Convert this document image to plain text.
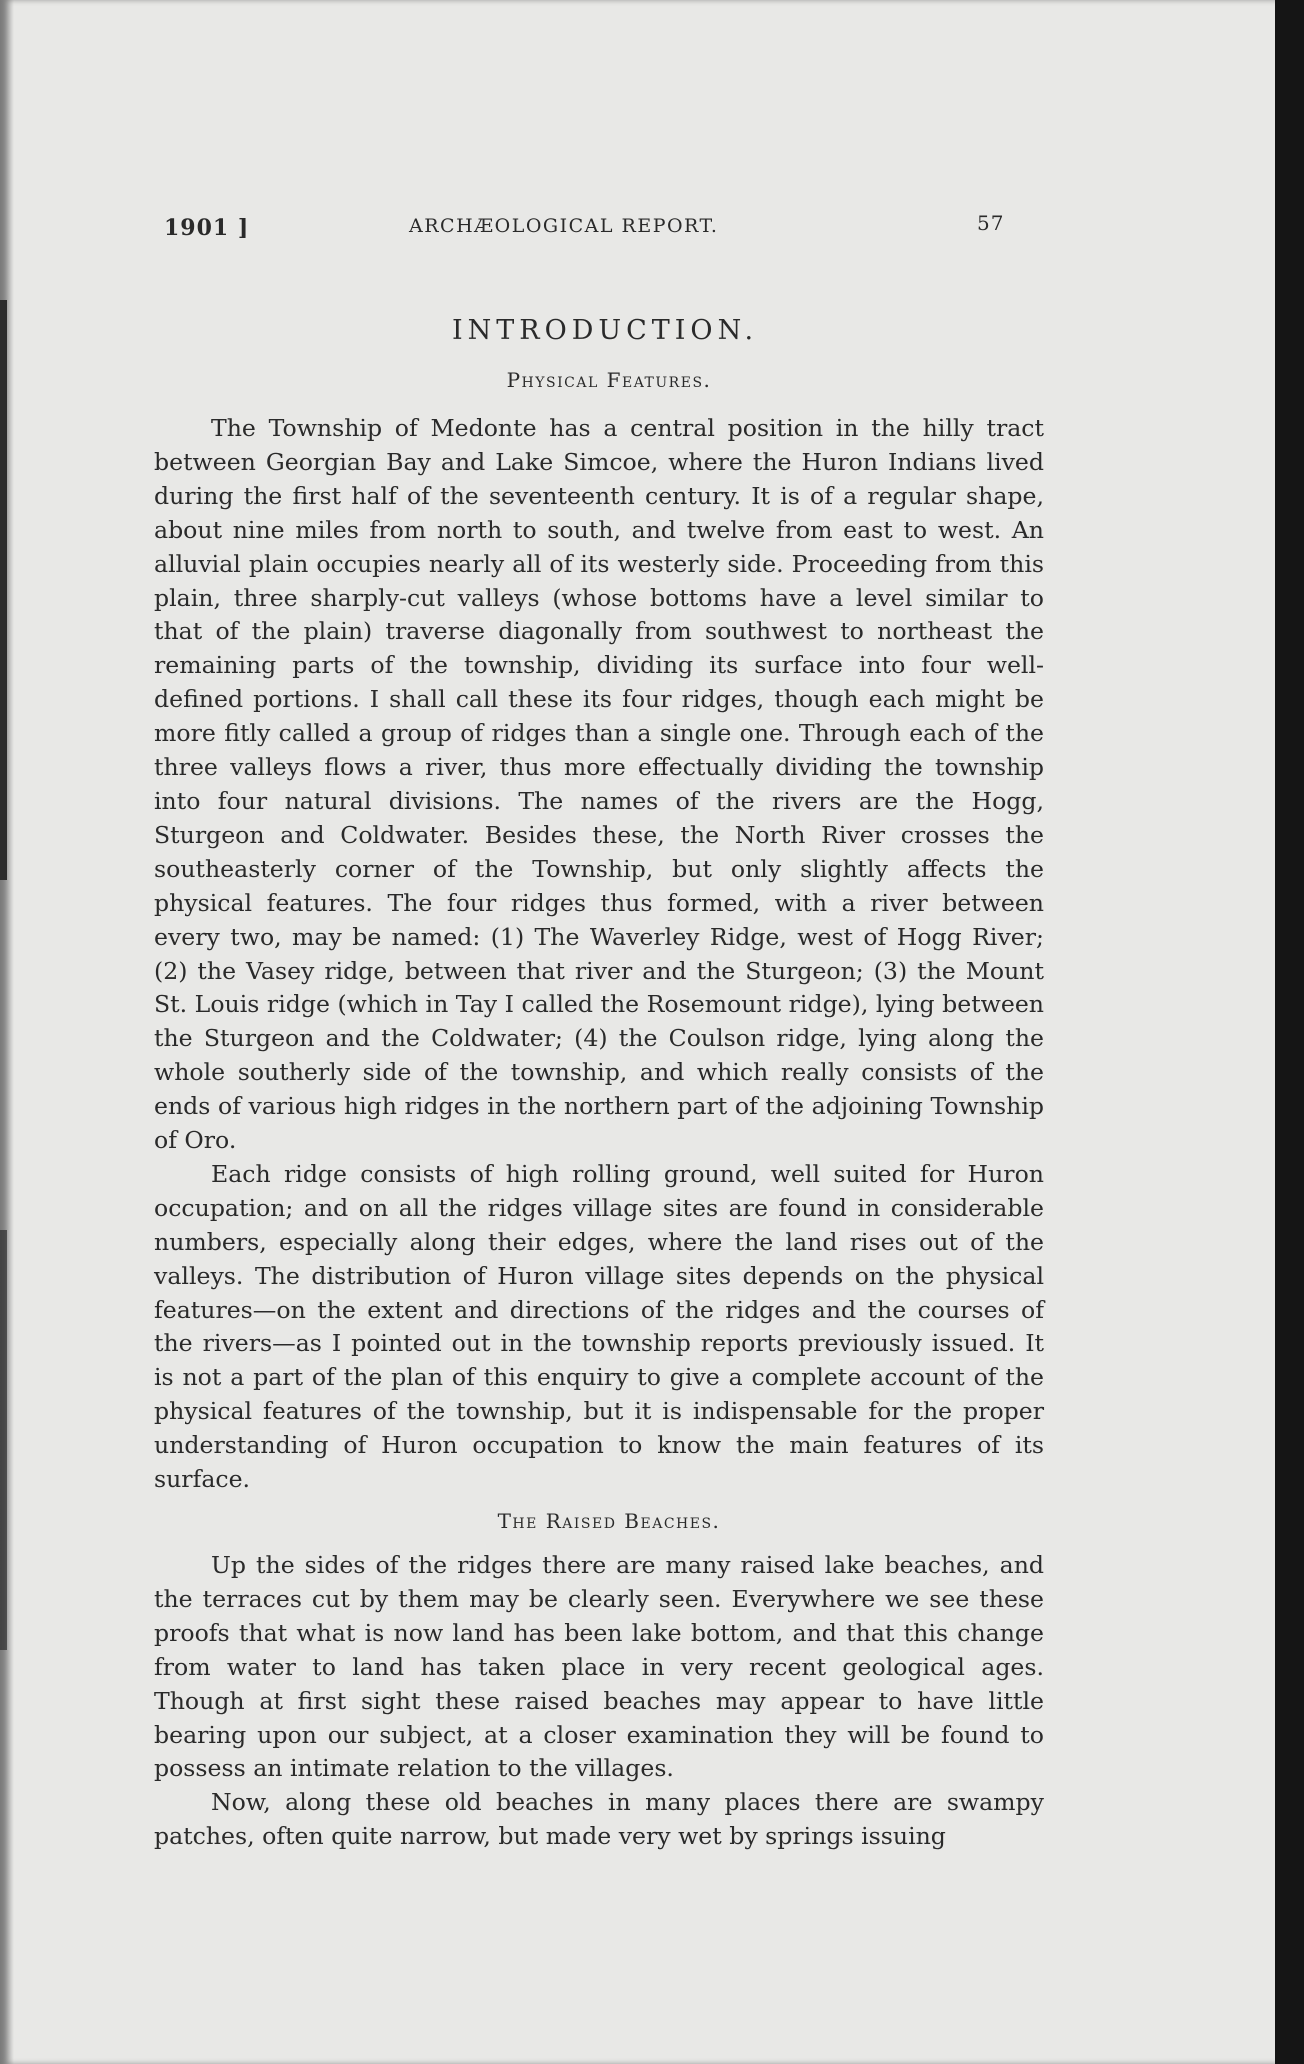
1901 ]	ARCHÆOLOGICAL REPORT.	57
INTRODUCTION.
Physical Features.

The Township of Medonte has a central position in the hilly tract between Georgian Bay and Lake Simcoe, where the Huron Indians lived during the first half of the seventeenth century. It is of a regular shape, about nine miles from north to south, and twelve from east to west. An alluvial plain occupies nearly all of its westerly side. Proceeding from this plain, three sharply-cut valleys (whose bottoms have a level similar to that of the plain) traverse diagonally from southwest to northeast the remaining parts of the township, dividing its surface into four well-defined portions. I shall call these its four ridges, though each might be more fitly called a group of ridges than a single one. Through each of the three valleys flows a river, thus more effectually dividing the township into four natural divisions. The names of the rivers are the Hogg, Sturgeon and Coldwater. Besides these, the North River crosses the southeasterly corner of the Township, but only slightly affects the physical features. The four ridges thus formed, with a river between every two, may be named: (1) The Waverley Ridge, west of Hogg River; (2) the Vasey ridge, between that river and the Sturgeon; (3) the Mount St. Louis ridge (which in Tay I called the Rosemount ridge), lying between the Sturgeon and the Coldwater; (4) the Coulson ridge, lying along the whole southerly side of the township, and which really consists of the ends of various high ridges in the northern part of the adjoining Township of Oro.

Each ridge consists of high rolling ground, well suited for Huron occupation; and on all the ridges village sites are found in considerable numbers, especially along their edges, where the land rises out of the valleys. The distribution of Huron village sites depends on the physical features—on the extent and directions of the ridges and the courses of the rivers—as I pointed out in the township reports previously issued. It is not a part of the plan of this enquiry to give a complete account of the physical features of the township, but it is indispensable for the proper understanding of Huron occupation to know the main features of its surface.

The Raised Beaches.

Up the sides of the ridges there are many raised lake beaches, and the terraces cut by them may be clearly seen. Everywhere we see these proofs that what is now land has been lake bottom, and that this change from water to land has taken place in very recent geological ages. Though at first sight these raised beaches may appear to have little bearing upon our subject, at a closer examination they will be found to possess an intimate relation to the villages.

Now, along these old beaches in many places there are swampy patches, often quite narrow, but made very wet by springs issuing
